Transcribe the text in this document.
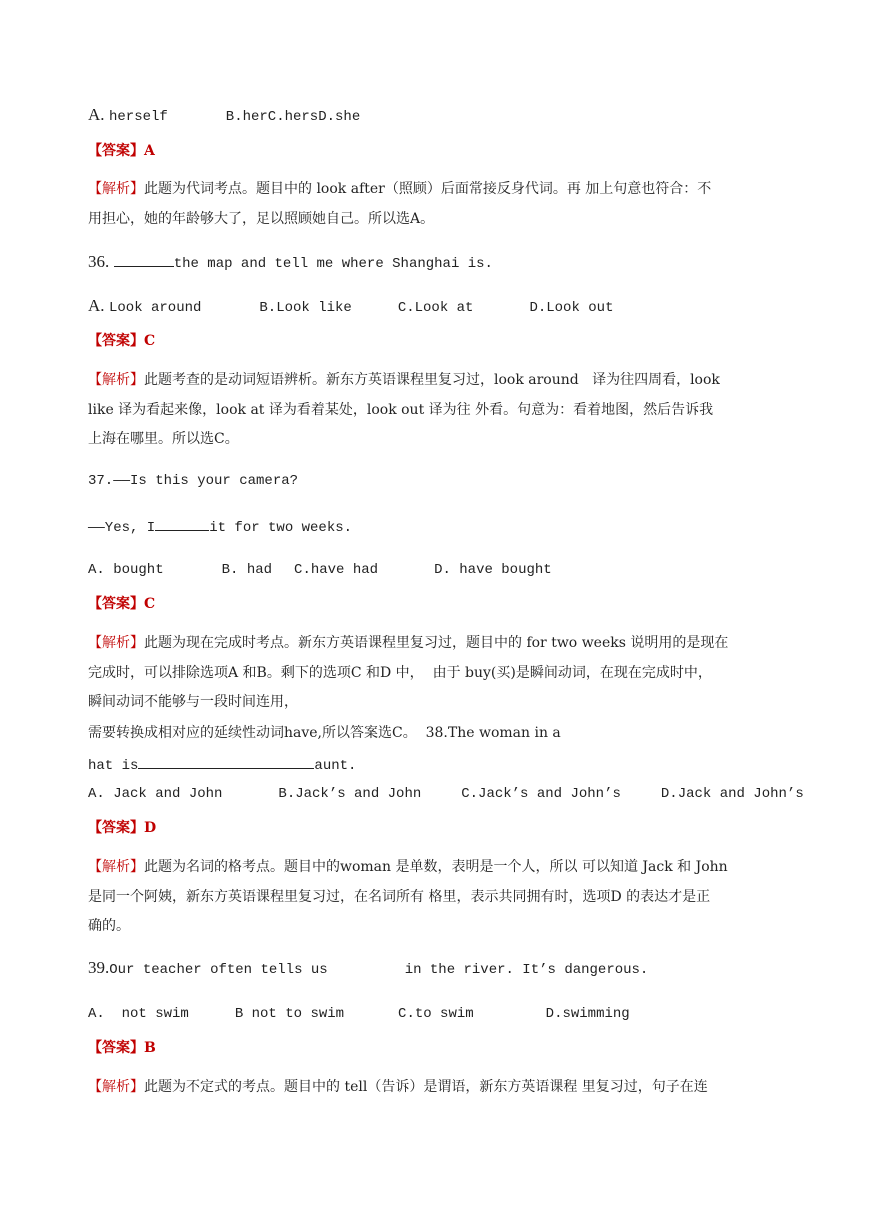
A. herself	B.herC.hersD.she
【答案】A
【解析】此题为代词考点。题目中的 look after（照顾）后面常接反身代词。再 加上句意也符合：不
用担心，她的年龄够大了，足以照顾她自己。所以选A。
36.	the map and tell me where Shanghai is.
A. Look around	B.Look like	C.Look at	D.Look out
【答案】C
【解析】此题考查的是动词短语辨析。新东方英语课程里复习过，look around   译为往四周看，look
like 译为看起来像，look at 译为看着某处，look out 译为往 外看。句意为：看着地图，然后告诉我
上海在哪里。所以选C。
37.——Is this your camera?
——Yes, I	it for two weeks.
A. bought	B. had C.have had	D. have bought
【答案】C
【解析】此题为现在完成时考点。新东方英语课程里复习过，题目中的 for two weeks 说明用的是现在
完成时，可以排除选项A 和B。剩下的选项C 和D 中，  由于 buy(买)是瞬间动词，在现在完成时中，
瞬间动词不能够与一段时间连用，
需要转换成相对应的延续性动词have,所以答案选C。  38.The woman in a
hat is	aunt.
A. Jack and John	B.Jack’s and John	C.Jack’s and John’s	D.Jack and John’s
【答案】D
【解析】此题为名词的格考点。题目中的woman 是单数，表明是一个人，所以 可以知道 Jack 和 John
是同一个阿姨，新东方英语课程里复习过，在名词所有 格里，表示共同拥有时，选项D 的表达才是正
确的。
39.Our teacher often tells us	in the river. It’s dangerous.
A.  not swim	B not to swim	C.to swim	D.swimming
【答案】B
【解析】此题为不定式的考点。题目中的 tell（告诉）是谓语，新东方英语课程 里复习过，句子在连
